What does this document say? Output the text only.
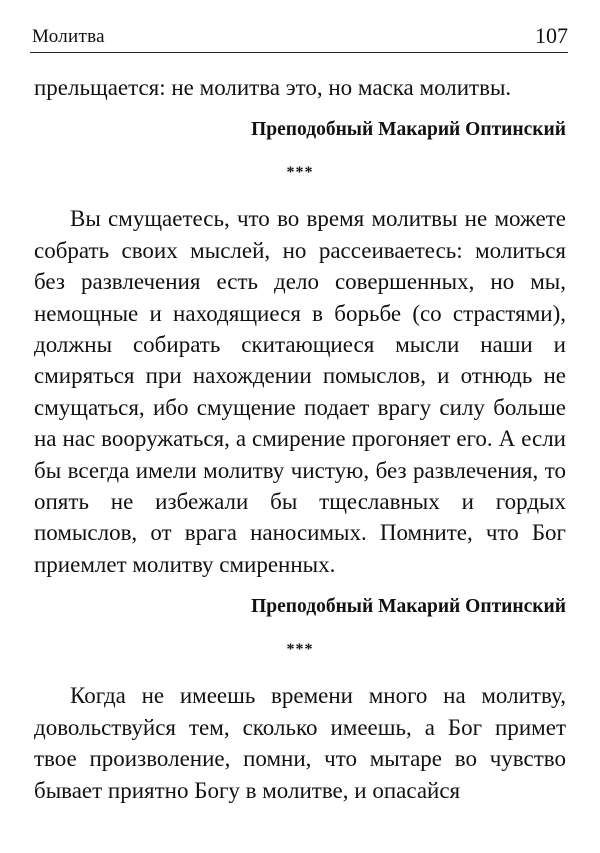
Молитва	107

прельщается: не молитва это, но маска молитвы.

Преподобный Макарий Оптинский

***

Вы смущаетесь, что во время молитвы не можете собрать своих мыслей, но рассеиваетесь: молиться без развлечения есть дело совершенных, но мы, немощные и находящиеся в борьбе (со страстями), должны собирать скитающиеся мысли наши и смиряться при нахождении помыслов, и отнюдь не смущаться, ибо смущение подает врагу силу больше на нас вооружаться, а смирение прогоняет его. А если бы всегда имели молитву чистую, без развлечения, то опять не избежали бы тщеславных и гордых помыслов, от врага наносимых. Помните, что Бог приемлет молитву смиренных.

Преподобный Макарий Оптинский

***

Когда не имеешь времени много на молитву, довольствуйся тем, сколько имеешь, а Бог примет твое произволение, помни, что мытаре во чувство бывает приятно Богу в молитве, и опасайся
